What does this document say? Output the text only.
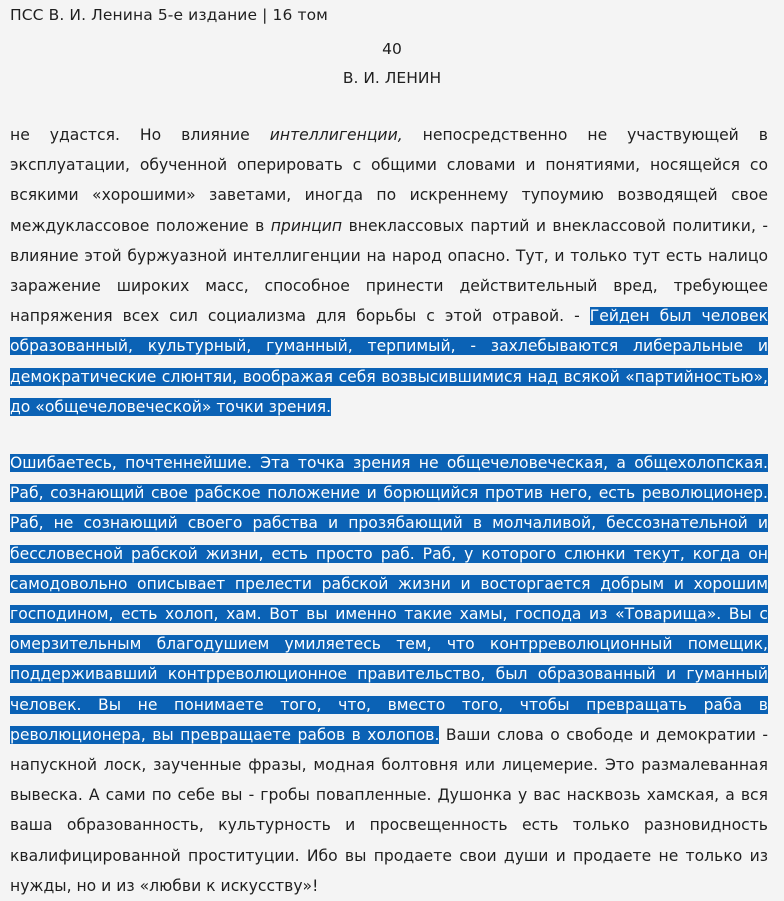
ПСС В. И. Ленина 5-е издание | 16 том
40
В. И. ЛЕНИН

не удастся. Но влияние интеллигенции, непосредственно не участвующей в эксплуатации, обученной оперировать с общими словами и понятиями, носящейся со всякими «хорошими» заветами, иногда по искреннему тупоумию возводящей свое междуклассовое положение в принцип внеклассовых партий и внеклассовой политики, - влияние этой буржуазной интеллигенции на народ опасно. Тут, и только тут есть налицо заражение широких масс, способное принести действительный вред, требующее напряжения всех сил социализма для борьбы с этой отравой. - Гейден был человек образованный, культурный, гуманный, терпимый, - захлебываются либеральные и демократические слюнтяи, воображая себя возвысившимися над всякой «партийностью», до «общечеловеческой» точки зрения.

Ошибаетесь, почтеннейшие. Эта точка зрения не общечеловеческая, а общехолопская. Раб, сознающий свое рабское положение и борющийся против него, есть революционер. Раб, не сознающий своего рабства и прозябающий в молчаливой, бессознательной и бессловесной рабской жизни, есть просто раб. Раб, у которого слюнки текут, когда он самодовольно описывает прелести рабской жизни и восторгается добрым и хорошим господином, есть холоп, хам. Вот вы именно такие хамы, господа из «Товарища». Вы с омерзительным благодушием умиляетесь тем, что контрреволюционный помещик, поддерживавший контрреволюционное правительство, был образованный и гуманный человек. Вы не понимаете того, что, вместо того, чтобы превращать раба в революционера, вы превращаете рабов в холопов. Ваши слова о свободе и демократии - напускной лоск, заученные фразы, модная болтовня или лицемерие. Это размалеванная вывеска. А сами по себе вы - гробы повапленные. Душонка у вас насквозь хамская, а вся ваша образованность, культурность и просвещенность есть только разновидность квалифицированной проституции. Ибо вы продаете свои души и продаете не только из нужды, но и из «любви к искусству»!
